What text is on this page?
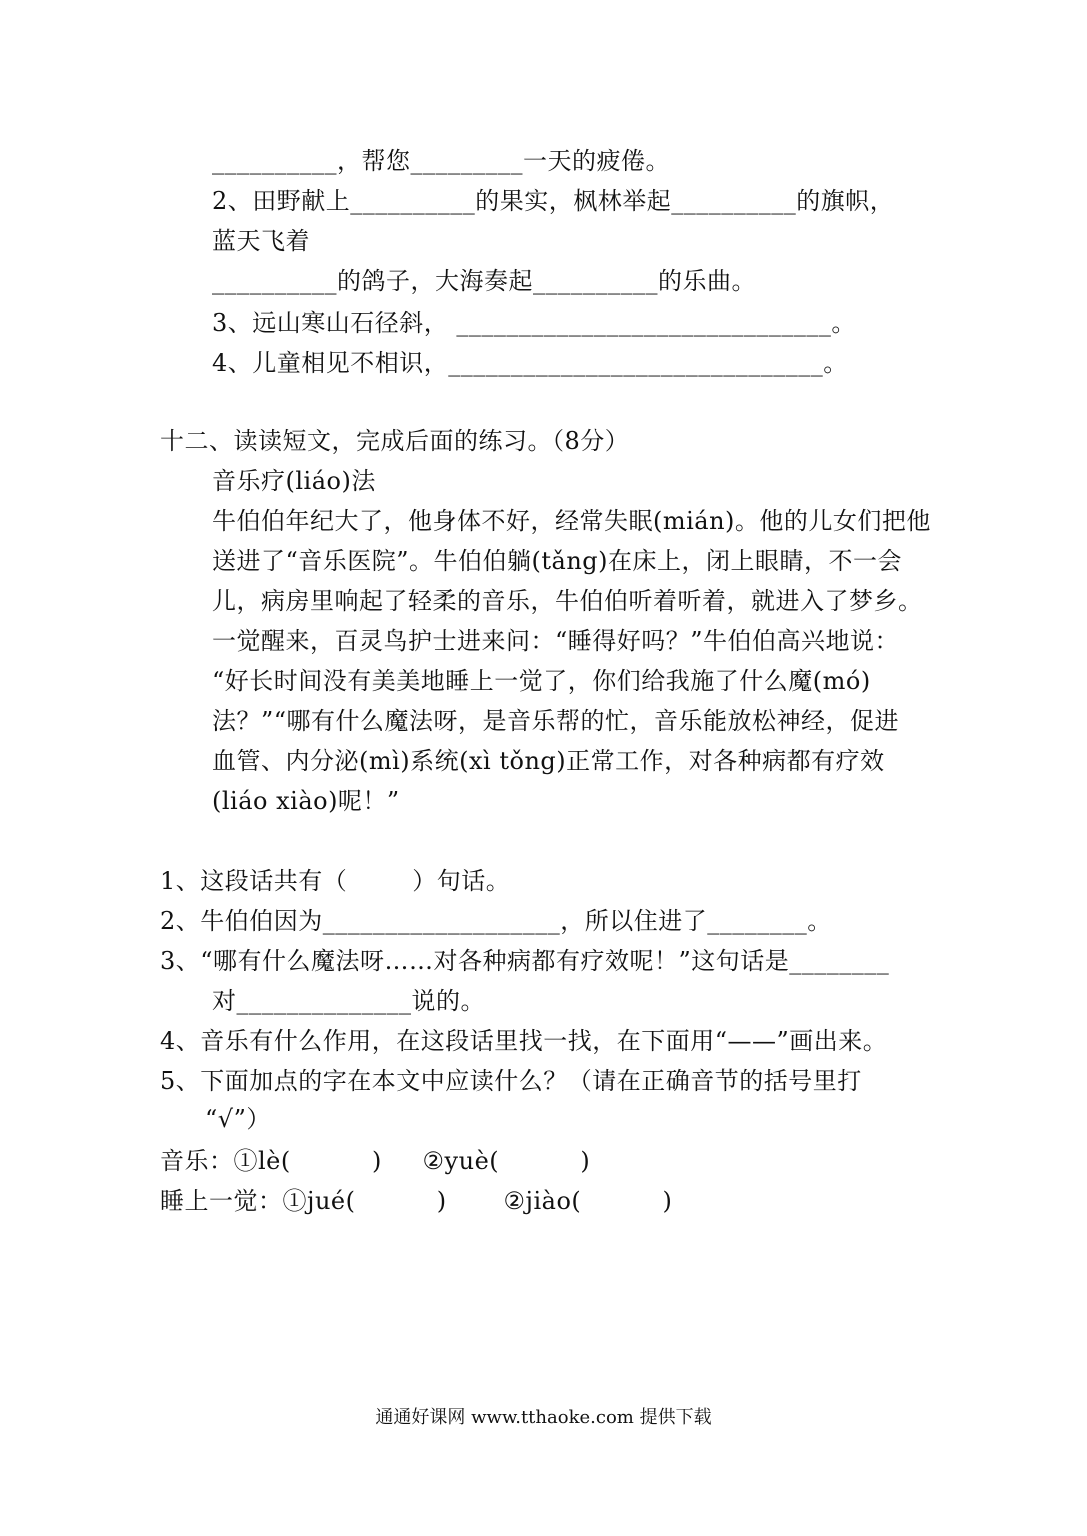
__________，帮您_________一天的疲倦。
2、田野献上__________的果实，枫林举起__________的旗帜，
蓝天飞着
__________的鸽子，大海奏起__________的乐曲。
3、远山寒山石径斜， ______________________________。
4、儿童相见不相识，______________________________。
十二、读读短文，完成后面的练习。（8分）
音乐疗(liáo)法
牛伯伯年纪大了，他身体不好，经常失眠(mián)。他的儿女们把他
送进了“音乐医院”。牛伯伯躺(tǎng)在床上，闭上眼睛，不一会
儿，病房里响起了轻柔的音乐，牛伯伯听着听着，就进入了梦乡。
一觉醒来，百灵鸟护士进来问：“睡得好吗？”牛伯伯高兴地说：
“好长时间没有美美地睡上一觉了，你们给我施了什么魔(mó)
法？”“哪有什么魔法呀，是音乐帮的忙，音乐能放松神经，促进
血管、内分泌(mì)系统(xì tǒng)正常工作，对各种病都有疗效
(liáo xiào)呢！”
1、这段话共有（        ）句话。
2、牛伯伯因为___________________，所以住进了________。
3、“哪有什么魔法呀……对各种病都有疗效呢！”这句话是________
对______________说的。
4、音乐有什么作用，在这段话里找一找，在下面用“——”画出来。
5、下面加点的字在本文中应读什么？（请在正确音节的括号里打
“√”）
音乐：①lè(          )     ②yuè(          )
睡上一觉：①jué(          )       ②jiào(          )
通通好课网 www.tthaoke.com 提供下载
